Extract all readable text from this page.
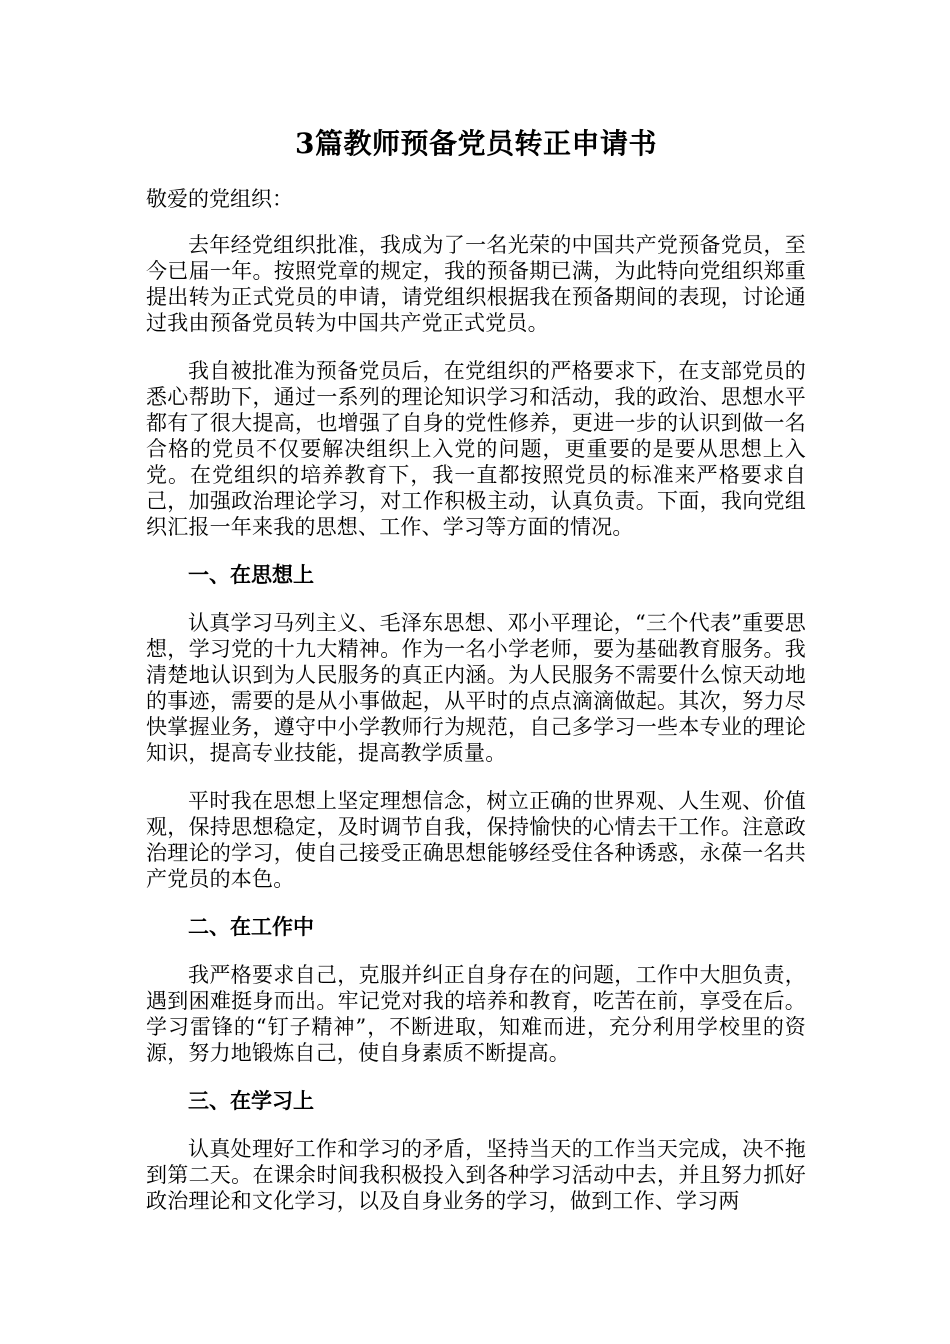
3篇教师预备党员转正申请书
敬爱的党组织：
去年经党组织批准，我成为了一名光荣的中国共产党预备党员，至今已届一年。按照党章的规定，我的预备期已满，为此特向党组织郑重提出转为正式党员的申请，请党组织根据我在预备期间的表现，讨论通过我由预备党员转为中国共产党正式党员。
我自被批准为预备党员后，在党组织的严格要求下，在支部党员的悉心帮助下，通过一系列的理论知识学习和活动，我的政治、思想水平都有了很大提高，也增强了自身的党性修养，更进一步的认识到做一名合格的党员不仅要解决组织上入党的问题，更重要的是要从思想上入党。在党组织的培养教育下，我一直都按照党员的标准来严格要求自己，加强政治理论学习，对工作积极主动，认真负责。下面，我向党组织汇报一年来我的思想、工作、学习等方面的情况。
一、在思想上
认真学习马列主义、毛泽东思想、邓小平理论，“三个代表”重要思想，学习党的十九大精神。作为一名小学老师，要为基础教育服务。我清楚地认识到为人民服务的真正内涵。为人民服务不需要什么惊天动地的事迹，需要的是从小事做起，从平时的点点滴滴做起。其次，努力尽快掌握业务，遵守中小学教师行为规范，自己多学习一些本专业的理论知识，提高专业技能，提高教学质量。
平时我在思想上坚定理想信念，树立正确的世界观、人生观、价值观，保持思想稳定，及时调节自我，保持愉快的心情去干工作。注意政治理论的学习，使自己接受正确思想能够经受住各种诱惑，永葆一名共产党员的本色。
二、在工作中
我严格要求自己，克服并纠正自身存在的问题，工作中大胆负责，遇到困难挺身而出。牢记党对我的培养和教育，吃苦在前，享受在后。学习雷锋的“钉子精神”，不断进取，知难而进，充分利用学校里的资源，努力地锻炼自己，使自身素质不断提高。
三、在学习上
认真处理好工作和学习的矛盾，坚持当天的工作当天完成，决不拖到第二天。在课余时间我积极投入到各种学习活动中去，并且努力抓好政治理论和文化学习，以及自身业务的学习，做到工作、学习两
